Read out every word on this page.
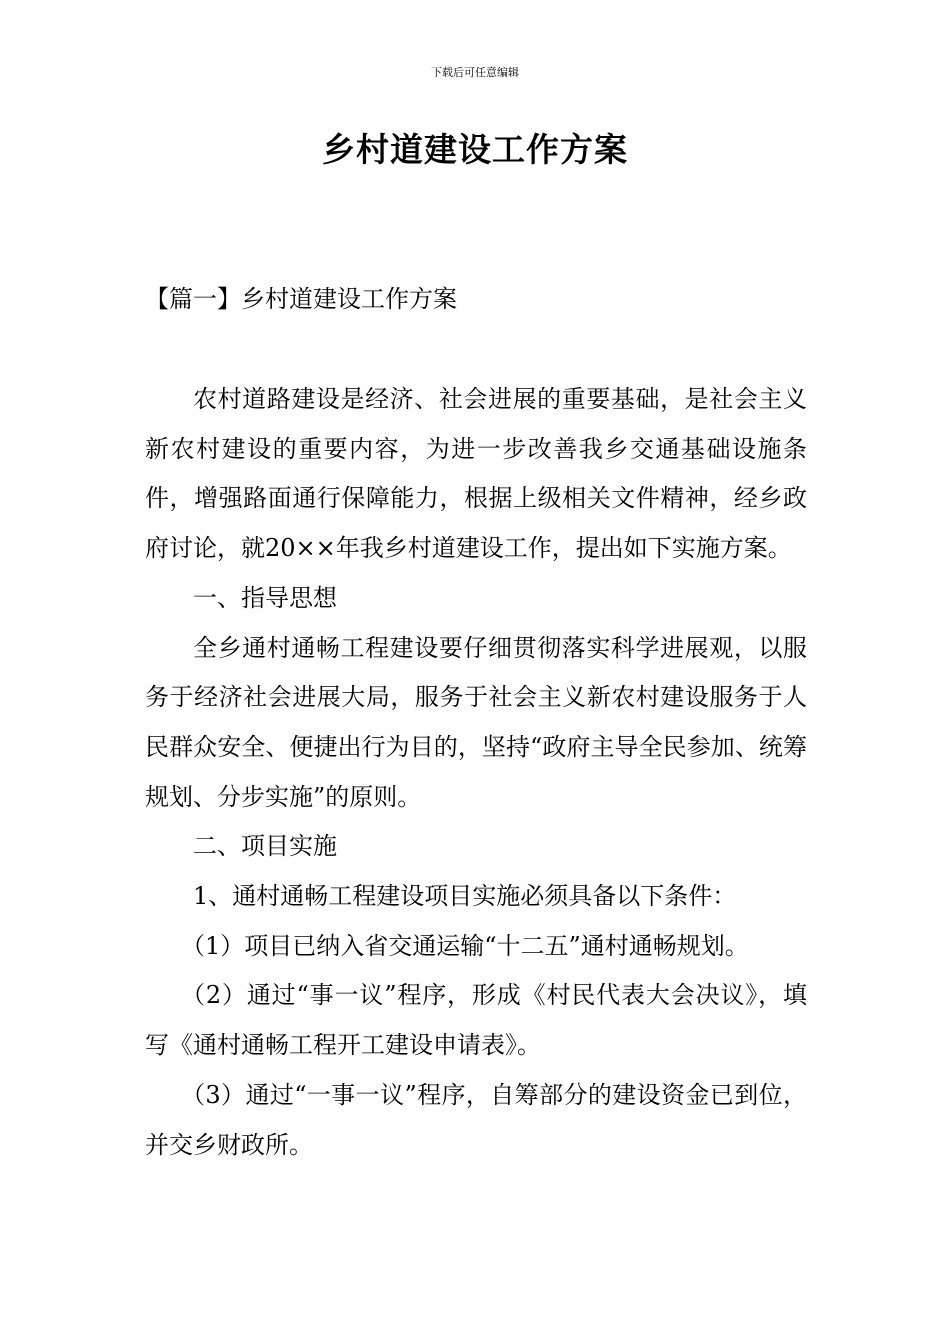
下载后可任意编辑
乡村道建设工作方案
【篇一】乡村道建设工作方案

农村道路建设是经济、社会进展的重要基础，是社会主义新农村建设的重要内容，为进一步改善我乡交通基础设施条件，增强路面通行保障能力，根据上级相关文件精神，经乡政府讨论，就20××年我乡村道建设工作，提出如下实施方案。

一、指导思想

全乡通村通畅工程建设要仔细贯彻落实科学进展观，以服务于经济社会进展大局，服务于社会主义新农村建设服务于人民群众安全、便捷出行为目的，坚持“政府主导全民参加、统筹规划、分步实施”的原则。

二、项目实施

1、通村通畅工程建设项目实施必须具备以下条件：

（1）项目已纳入省交通运输“十二五”通村通畅规划。

（2）通过“事一议”程序，形成《村民代表大会决议》，填写《通村通畅工程开工建设申请表》。

（3）通过“一事一议”程序，自筹部分的建设资金已到位，并交乡财政所。
